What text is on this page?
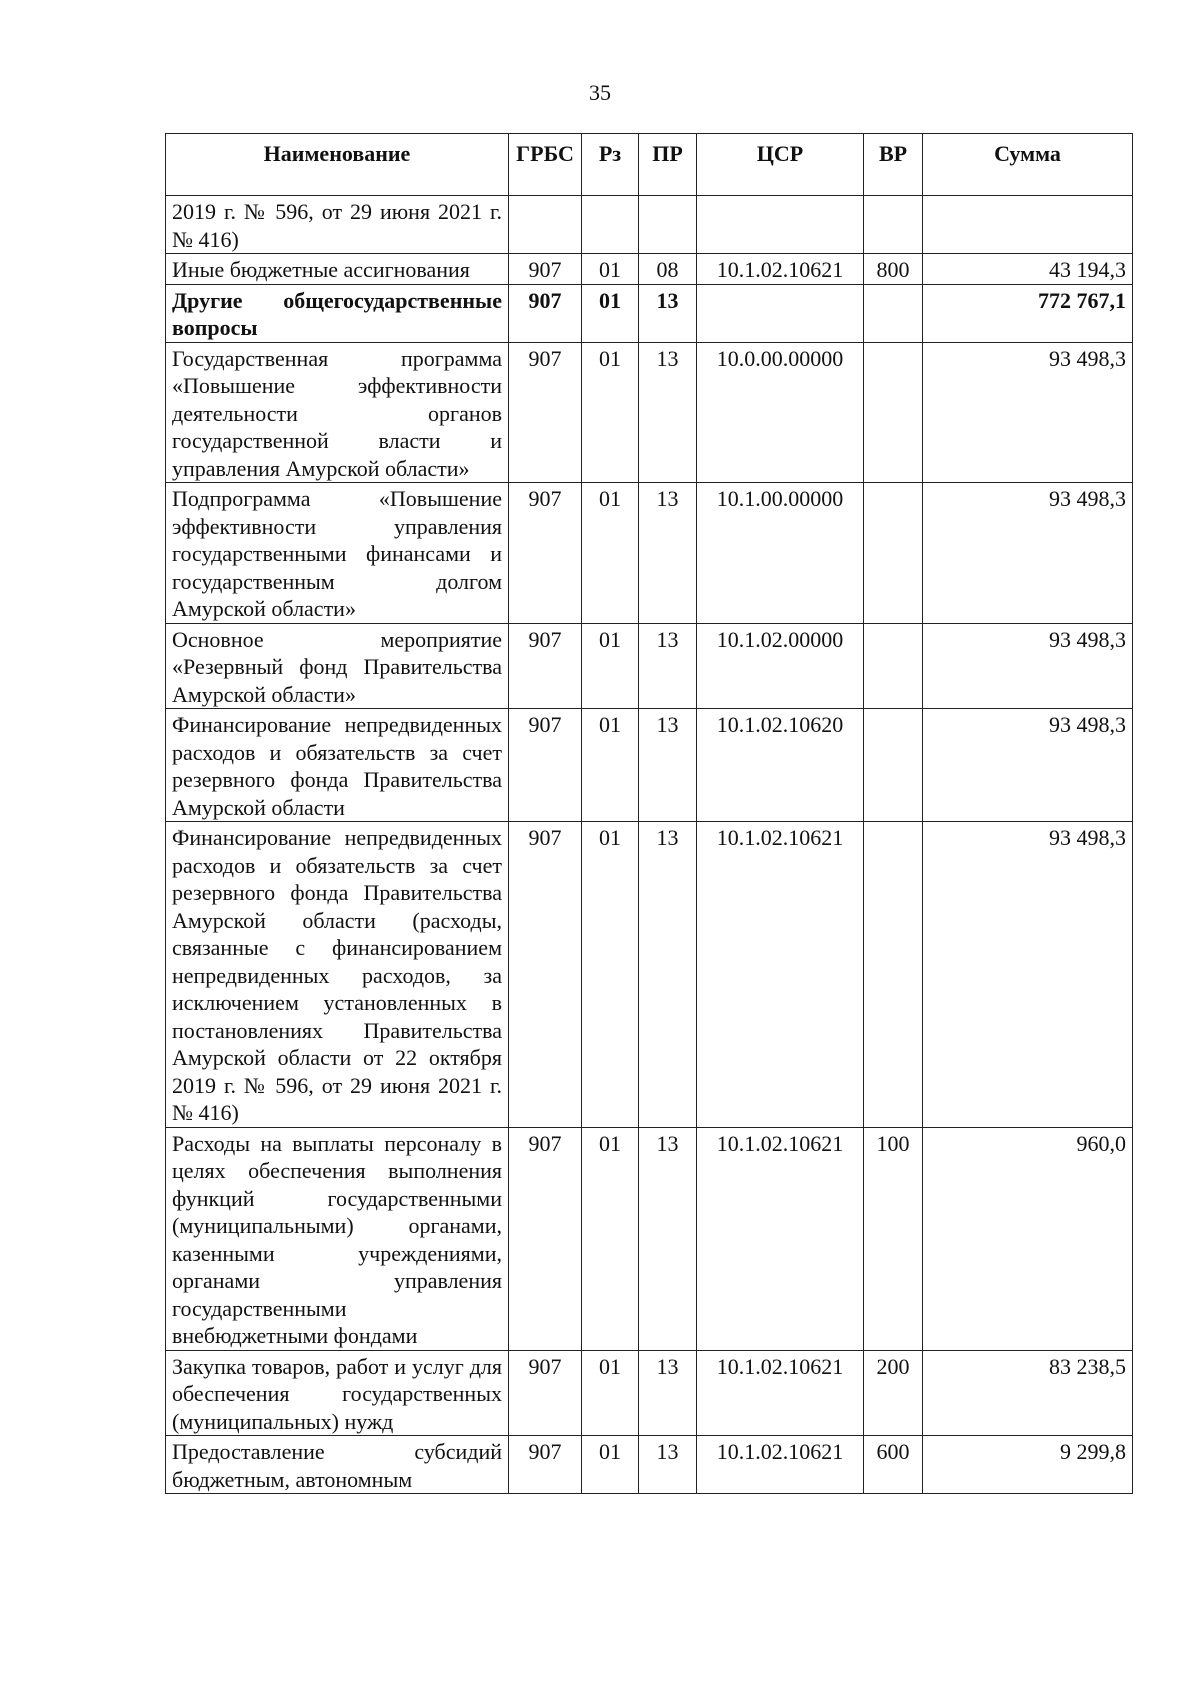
35
Наименование	ГРБС	Рз	ПР	ЦСР	ВР	Сумма
2019 г. № 596, от 29 июня 2021 г. № 416)						
Иные бюджетные ассигнования	907	01	08	10.1.02.10621	800	43 194,3
Другие общегосударственные вопросы	907	01	13			772 767,1
Государственная программа «Повышение эффективности деятельности органов государственной власти и управления Амурской области»	907	01	13	10.0.00.00000		93 498,3
Подпрограмма «Повышение эффективности управления государственными финансами и государственным долгом Амурской области»	907	01	13	10.1.00.00000		93 498,3
Основное мероприятие «Резервный фонд Правительства Амурской области»	907	01	13	10.1.02.00000		93 498,3
Финансирование непредвиденных расходов и обязательств за счет резервного фонда Правительства Амурской области	907	01	13	10.1.02.10620		93 498,3
Финансирование непредвиденных расходов и обязательств за счет резервного фонда Правительства Амурской области (расходы, связанные с финансированием непредвиденных расходов, за исключением установленных в постановлениях Правительства Амурской области от 22 октября 2019 г. № 596, от 29 июня 2021 г. № 416)	907	01	13	10.1.02.10621		93 498,3
Расходы на выплаты персоналу в целях обеспечения выполнения функций государственными (муниципальными) органами, казенными учреждениями, органами управления государственными внебюджетными фондами	907	01	13	10.1.02.10621	100	960,0
Закупка товаров, работ и услуг для обеспечения государственных (муниципальных) нужд	907	01	13	10.1.02.10621	200	83 238,5
Предоставление субсидий бюджетным, автономным	907	01	13	10.1.02.10621	600	9 299,8
